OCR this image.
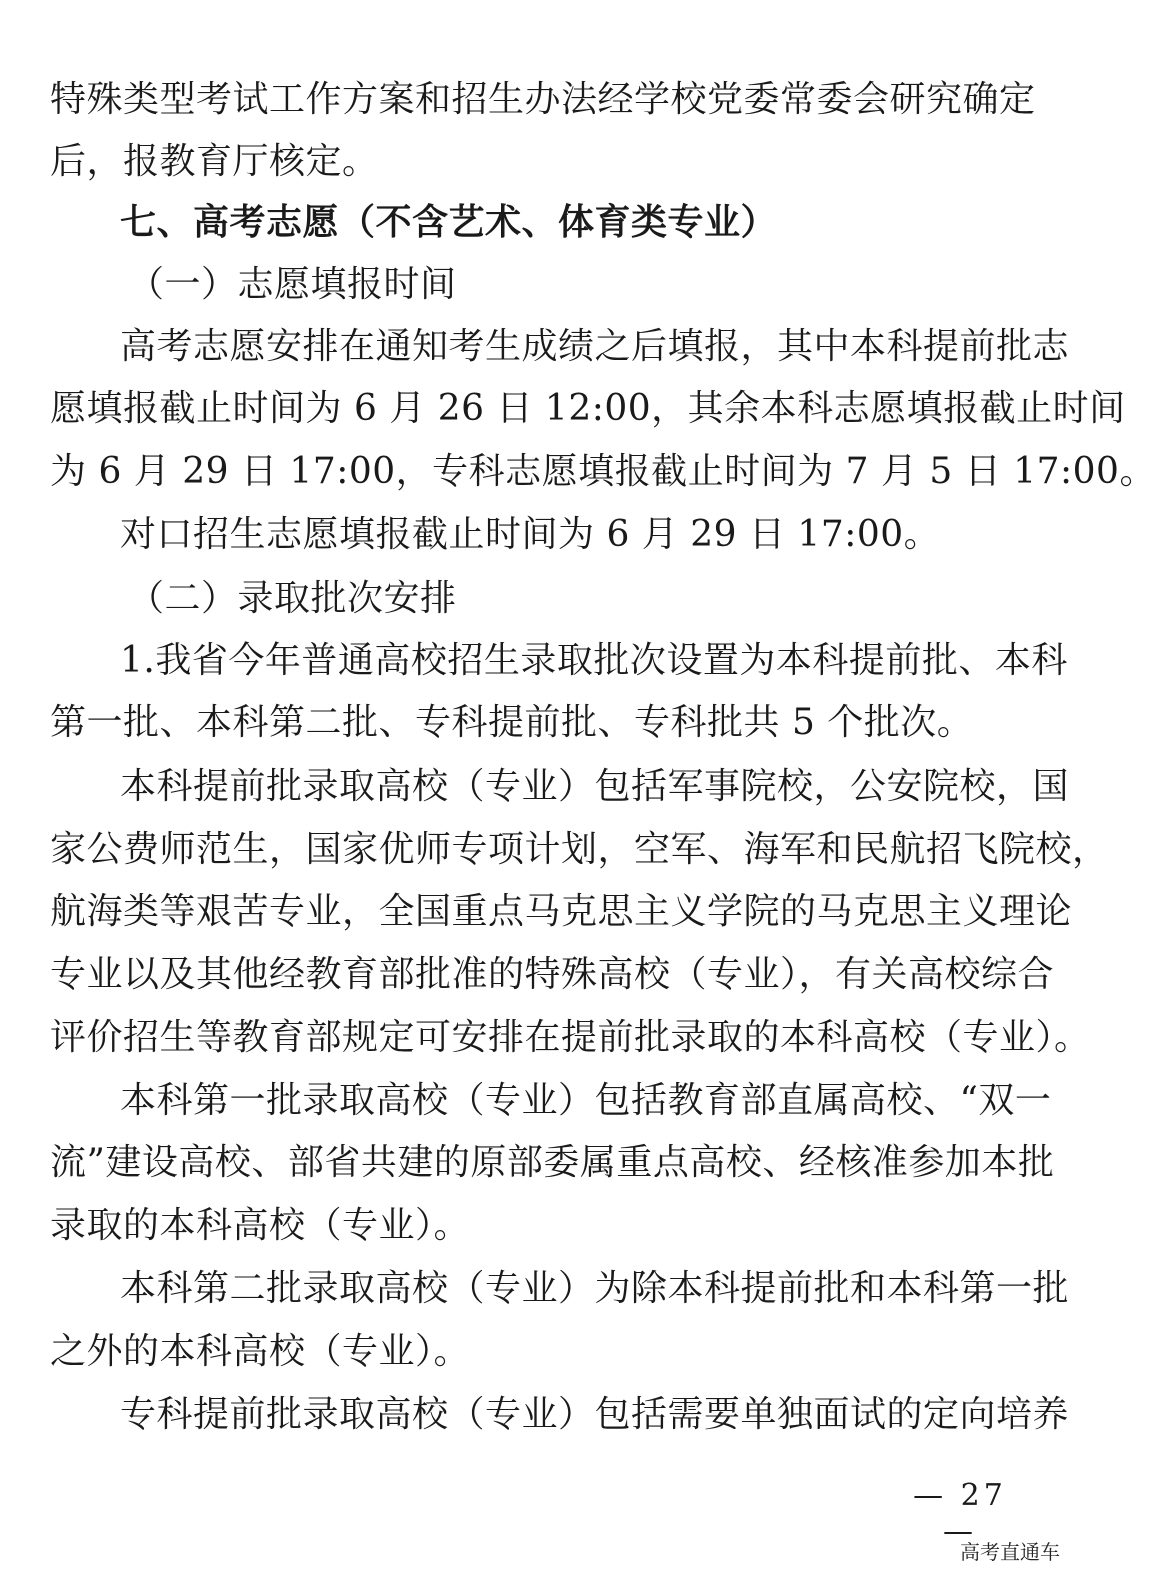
特殊类型考试工作方案和招生办法经学校党委常委会研究确定
后，报教育厅核定。
七、高考志愿（不含艺术、体育类专业）
（一）志愿填报时间
高考志愿安排在通知考生成绩之后填报，其中本科提前批志
愿填报截止时间为 6 月 26 日 12:00，其余本科志愿填报截止时间
为 6 月 29 日 17:00，专科志愿填报截止时间为 7 月 5 日 17:00。
对口招生志愿填报截止时间为 6 月 29 日 17:00。
（二）录取批次安排
1.我省今年普通高校招生录取批次设置为本科提前批、本科
第一批、本科第二批、专科提前批、专科批共 5 个批次。
本科提前批录取高校（专业）包括军事院校，公安院校，国
家公费师范生，国家优师专项计划，空军、海军和民航招飞院校，
航海类等艰苦专业，全国重点马克思主义学院的马克思主义理论
专业以及其他经教育部批准的特殊高校（专业），有关高校综合
评价招生等教育部规定可安排在提前批录取的本科高校（专业）。
本科第一批录取高校（专业）包括教育部直属高校、“双一
流”建设高校、部省共建的原部委属重点高校、经核准参加本批
录取的本科高校（专业）。
本科第二批录取高校（专业）为除本科提前批和本科第一批
之外的本科高校（专业）。
专科提前批录取高校（专业）包括需要单独面试的定向培养
— 27 —
高考直通车
